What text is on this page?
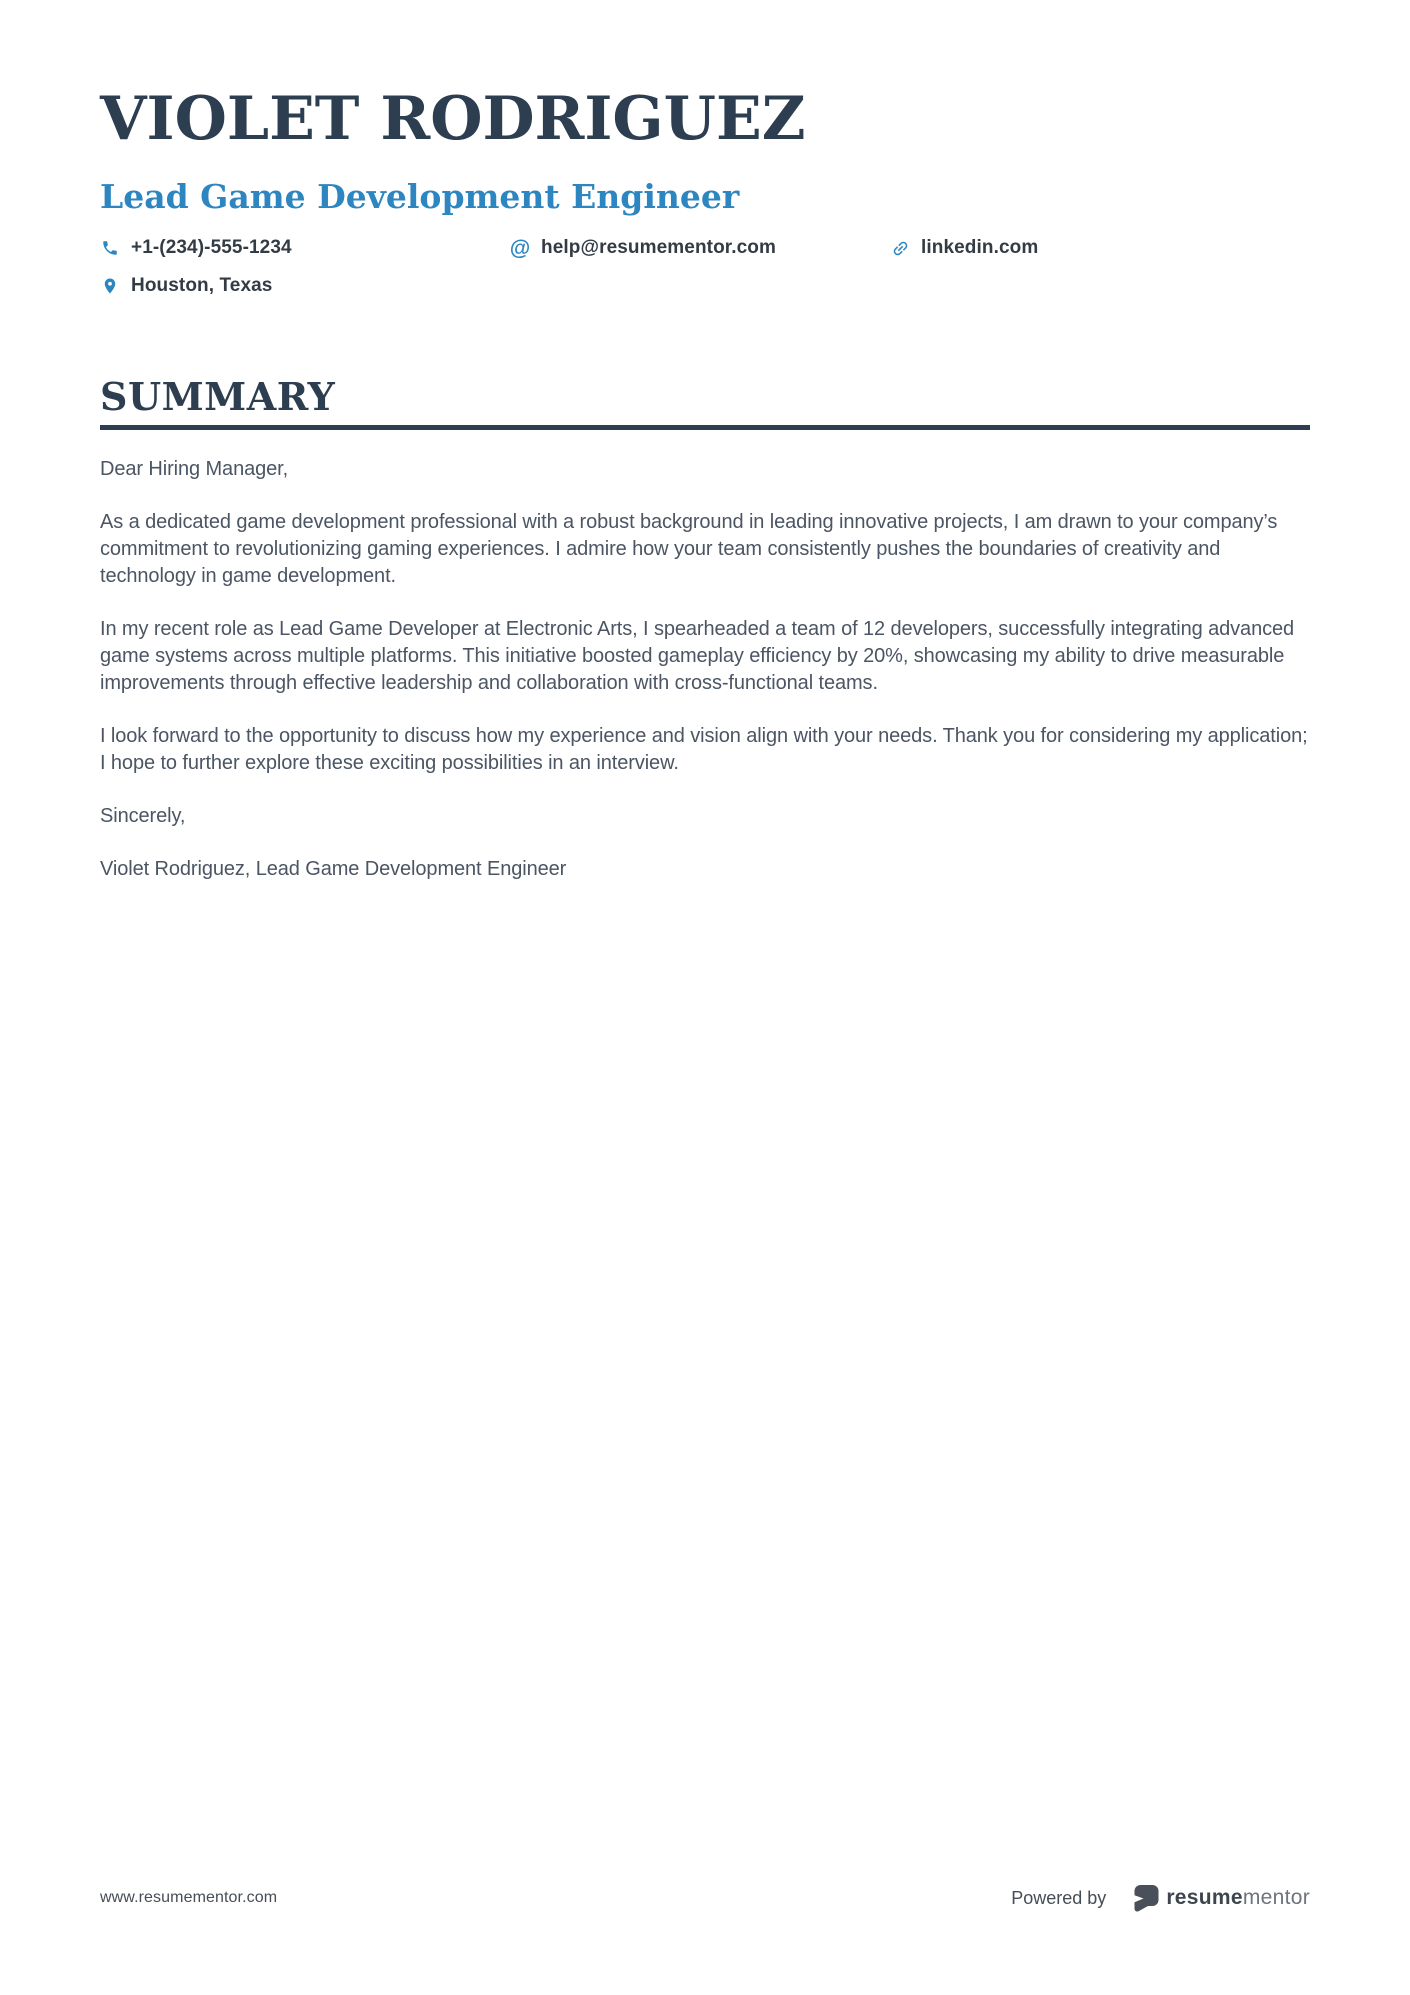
VIOLET RODRIGUEZ
Lead Game Development Engineer
+1-(234)-555-1234	@ help@resumementor.com	linkedin.com
Houston, Texas
SUMMARY

Dear Hiring Manager,

As a dedicated game development professional with a robust background in leading innovative projects, I am drawn to your company’s commitment to revolutionizing gaming experiences. I admire how your team consistently pushes the boundaries of creativity and technology in game development.

In my recent role as Lead Game Developer at Electronic Arts, I spearheaded a team of 12 developers, successfully integrating advanced game systems across multiple platforms. This initiative boosted gameplay efficiency by 20%, showcasing my ability to drive measurable improvements through effective leadership and collaboration with cross-functional teams.

I look forward to the opportunity to discuss how my experience and vision align with your needs. Thank you for considering my application; I hope to further explore these exciting possibilities in an interview.

Sincerely,

Violet Rodriguez, Lead Game Development Engineer

www.resumementor.com	Powered by	resume mentor
